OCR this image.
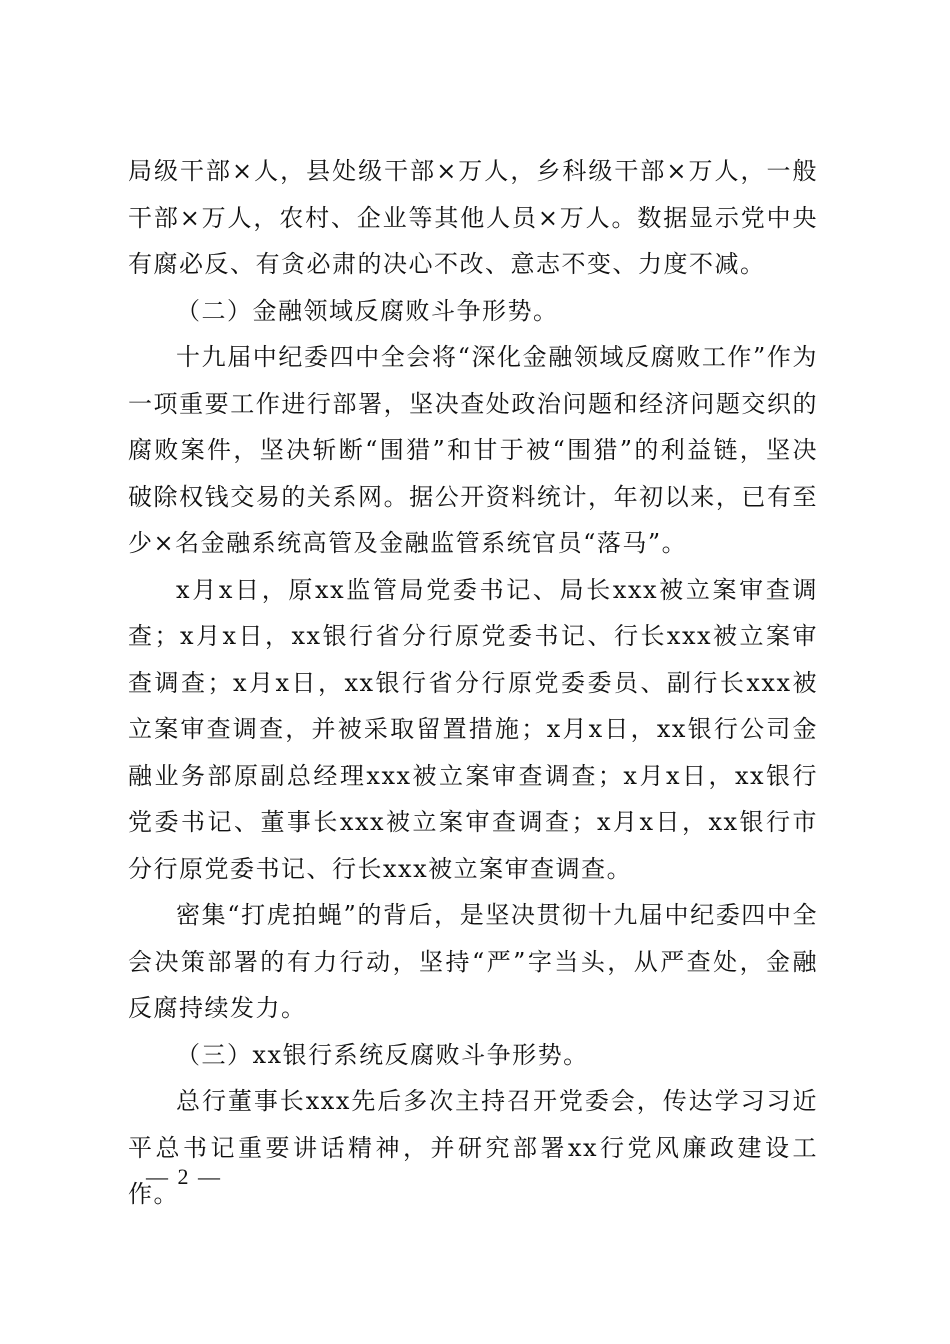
局级干部×人，县处级干部×万人，乡科级干部×万人，一般干部×万人，农村、企业等其他人员×万人。数据显示党中央有腐必反、有贪必肃的决心不改、意志不变、力度不减。

（二）金融领域反腐败斗争形势。

十九届中纪委四中全会将“深化金融领域反腐败工作”作为一项重要工作进行部署，坚决查处政治问题和经济问题交织的腐败案件，坚决斩断“围猎”和甘于被“围猎”的利益链，坚决破除权钱交易的关系网。据公开资料统计，年初以来，已有至少×名金融系统高管及金融监管系统官员“落马”。

x月x日，原xx监管局党委书记、局长xxx被立案审查调查；x月x日，xx银行省分行原党委书记、行长xxx被立案审查调查；x月x日，xx银行省分行原党委委员、副行长xxx被立案审查调查，并被采取留置措施；x月x日，xx银行公司金融业务部原副总经理xxx被立案审查调查；x月x日，xx银行党委书记、董事长xxx被立案审查调查；x月x日，xx银行市分行原党委书记、行长xxx被立案审查调查。

密集“打虎拍蝇”的背后，是坚决贯彻十九届中纪委四中全会决策部署的有力行动，坚持“严”字当头，从严查处，金融反腐持续发力。

（三）xx银行系统反腐败斗争形势。

总行董事长xxx先后多次主持召开党委会，传达学习习近平总书记重要讲话精神，并研究部署xx行党风廉政建设工作。

— 2 —
